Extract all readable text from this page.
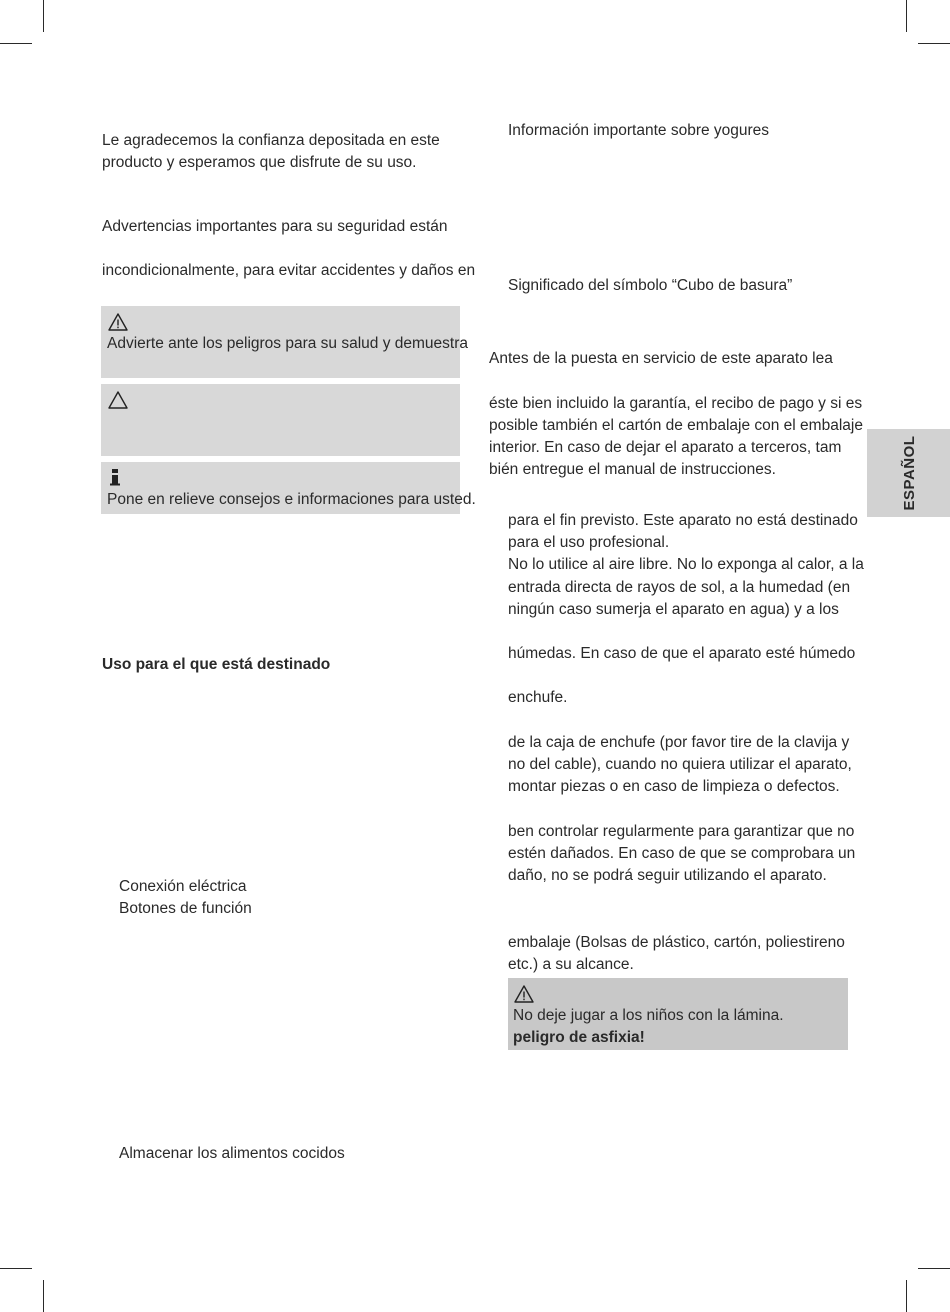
Le agradecemos la confianza depositada en este

producto y esperamos que disfrute de su uso.

Advertencias importantes para su seguridad están

incondicionalmente, para evitar accidentes y daños en

Advierte ante los peligros para su salud y demuestra

Pone en relieve consejos e informaciones para usted.

Uso para el que está destinado

Conexión eléctrica

Botones de función

Almacenar los alimentos cocidos

Información importante sobre yogures

Significado del símbolo “Cubo de basura”

Antes de la puesta en servicio de este aparato lea

éste bien incluido la garantía, el recibo de pago y si es

posible también el cartón de embalaje con el embalaje

interior. En caso de dejar el aparato a terceros, tam

bién entregue el manual de instrucciones.

para el fin previsto. Este aparato no está destinado

para el uso profesional.

No lo utilice al aire libre. No lo exponga al calor, a la

entrada directa de rayos de sol, a la humedad (en

ningún caso sumerja el aparato en agua) y a los

húmedas. En caso de que el aparato esté húmedo

enchufe.

de la caja de enchufe (por favor tire de la clavija y

no del cable), cuando no quiera utilizar el aparato,

montar piezas o en caso de limpieza o defectos.

ben controlar regularmente para garantizar que no

estén dañados. En caso de que se comprobara un

daño, no se podrá seguir utilizando el aparato.

embalaje (Bolsas de plástico, cartón, poliestireno

etc.) a su alcance.

No deje jugar a los niños con la lámina.

peligro de asfixia!

ESPAÑOL
